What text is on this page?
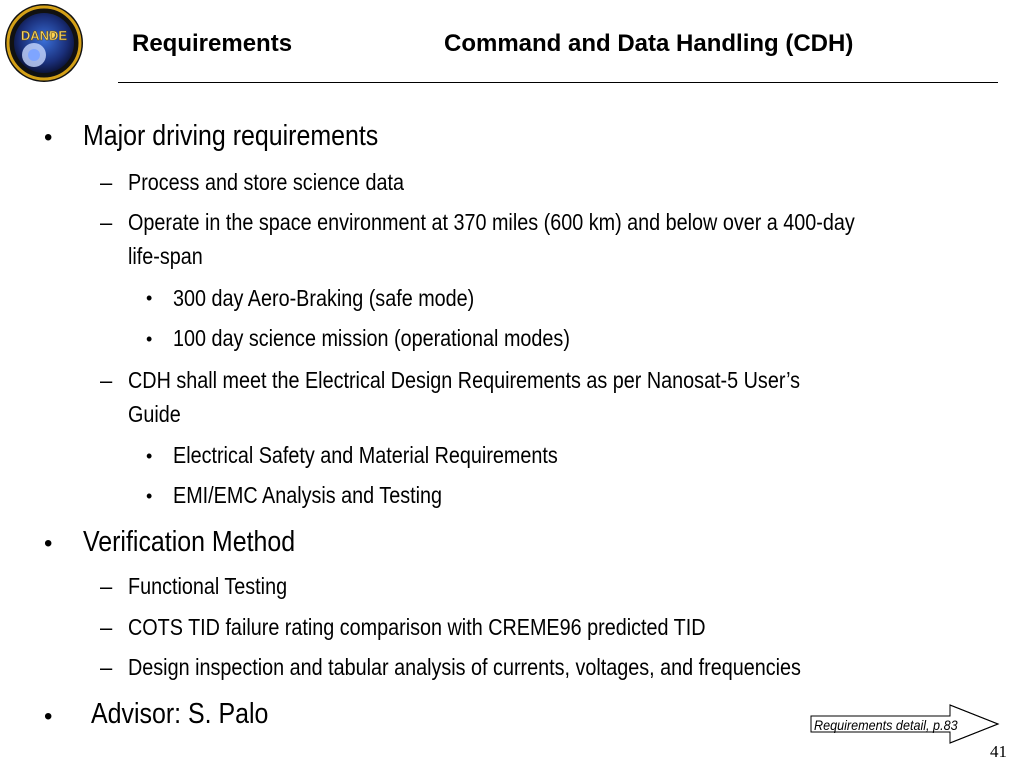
DANDE	Requirements	Command and Data Handling (CDH)
• Major driving requirements
– Process and store science data
– Operate in the space environment at 370 miles (600 km) and below over a 400-day
life-span
• 300 day Aero-Braking (safe mode)
• 100 day science mission (operational modes)
– CDH shall meet the Electrical Design Requirements as per Nanosat-5 User’s
Guide
• Electrical Safety and Material Requirements
• EMI/EMC Analysis and Testing
• Verification Method
– Functional Testing
– COTS TID failure rating comparison with CREME96 predicted TID
– Design inspection and tabular analysis of currents, voltages, and frequencies
• Advisor: S. Palo	Requirements detail, p.83
41
